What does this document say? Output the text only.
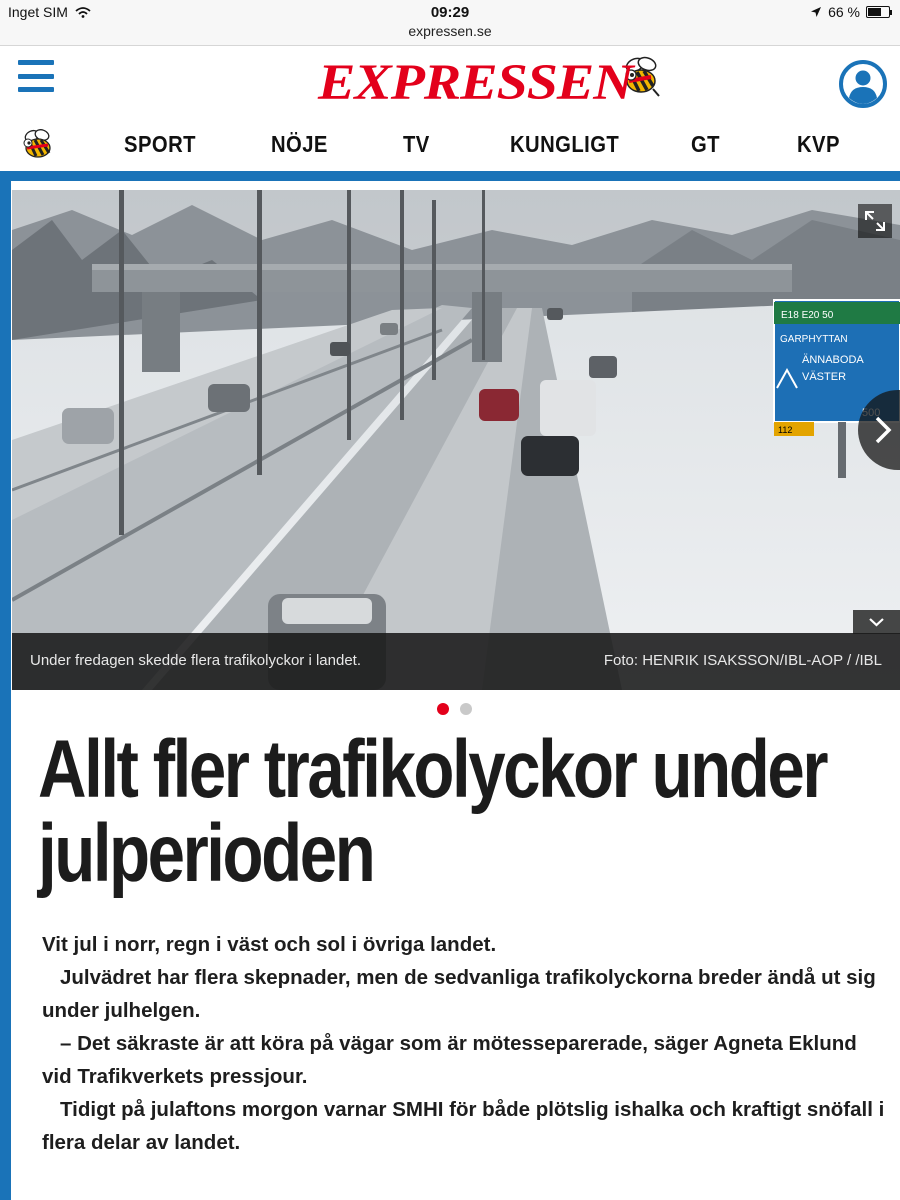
Inget SIM	09:29
expressen.se
66 %
EXPRESSEN
SPORT	NÖJE	TV	KUNGLIGT	GT	KVP
E18 E20 50
GARPHYTTAN
ÄNNABODA
VÄSTER
112
Under fredagen skedde flera trafikolyckor i landet.	Foto: HENRIK ISAKSSON/IBL-AOP / /IBL
Allt fler trafikolyckor under julperioden

Vit jul i norr, regn i väst och sol i övriga landet.

Julvädret har flera skepnader, men de sedvanliga trafikolyckorna breder ändå ut sig under julhelgen.

– Det säkraste är att köra på vägar som är mötesseparerade, säger Agneta Eklund vid Trafikverkets pressjour.

Tidigt på julaftons morgon varnar SMHI för både plötslig ishalka och kraftigt snöfall i flera delar av landet.
